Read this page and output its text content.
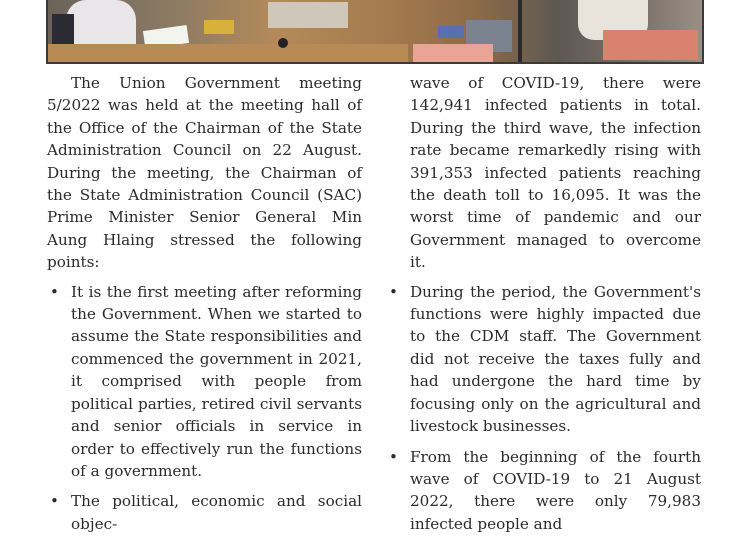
The Union Government meeting 5/2022 was held at the meeting hall of the Office of the Chairman of the State Administration Council on 22 August. During the meeting, the Chairman of the State Administration Council (SAC) Prime Minister Senior General Min Aung Hlaing stressed the following points:

• It is the first meeting after reforming the Government. When we started to assume the State responsibilities and commenced the government in 2021, it comprised with people from political parties, retired civil servants and senior officials in service in order to effectively run the functions of a government.
• The political, economic and social objec-

wave of COVID-19, there were 142,941 infected patients in total. During the third wave, the infection rate became remarkedly rising with 391,353 infected patients reaching the death toll to 16,095. It was the worst time of pandemic and our Government managed to overcome it.

• During the period, the Government's functions were highly impacted due to the CDM staff. The Government did not receive the taxes fully and had undergone the hard time by focusing only on the agricultural and livestock businesses.
• From the beginning of the fourth wave of COVID-19 to 21 August 2022, there were only 79,983 infected people and
